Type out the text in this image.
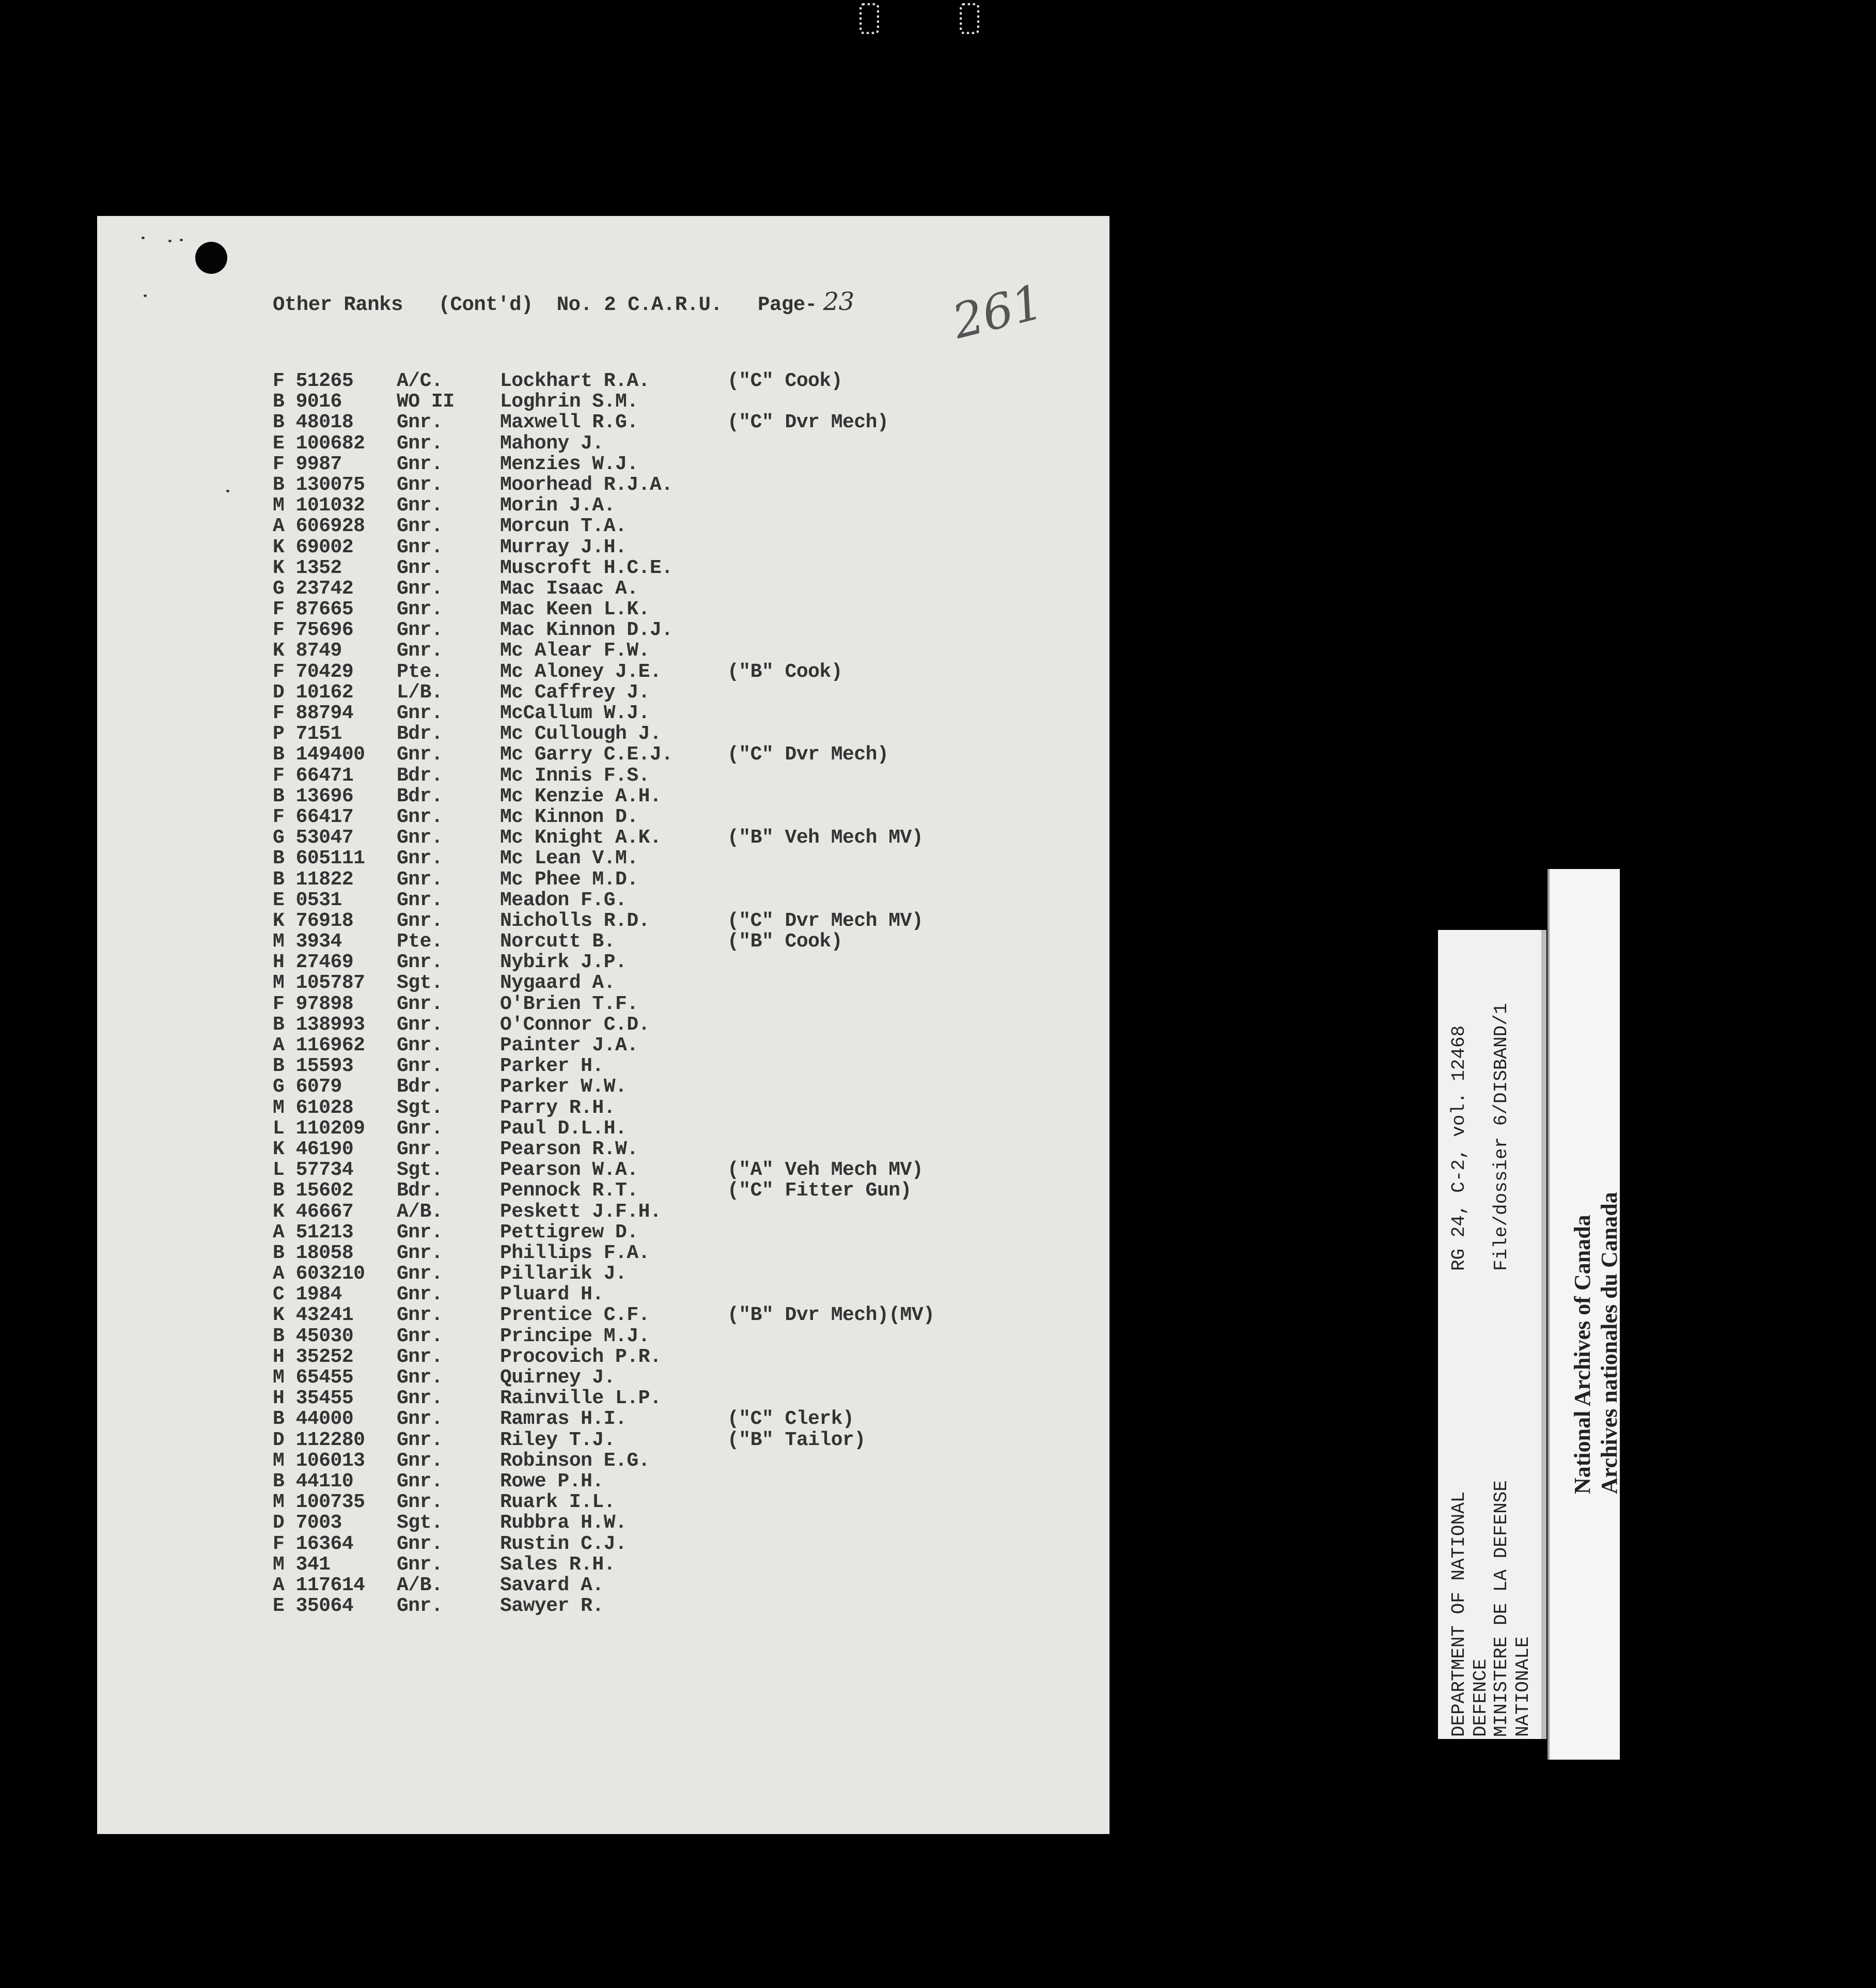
Other Ranks   (Cont'd)  No. 2 C.A.R.U.   Page- 23 261
F 51265 A/C.	Lockhart R.A.	("C" Cook)
B 9016	WO II Loghrin S.M.
B 48018 Gnr.	Maxwell R.G.	("C" Dvr Mech)
E 100682 Gnr.	Mahony J.
F 9987	Gnr.	Menzies W.J.
B 130075 Gnr.	Moorhead R.J.A.
M 101032 Gnr.	Morin J.A.
A 606928 Gnr.	Morcun T.A.
K 69002 Gnr.	Murray J.H.
K 1352	Gnr.	Muscroft H.C.E.
G 23742 Gnr.	Mac Isaac A.
F 87665 Gnr.	Mac Keen L.K.
F 75696 Gnr.	Mac Kinnon D.J.
K 8749	Gnr.	Mc Alear F.W.
F 70429 Pte.	Mc Aloney J.E.	("B" Cook)
D 10162 L/B.	Mc Caffrey J.
F 88794 Gnr.	McCallum W.J.
P 7151	Bdr.	Mc Cullough J.
B 149400 Gnr.	Mc Garry C.E.J.	("C" Dvr Mech)
F 66471 Bdr.	Mc Innis F.S.
B 13696 Bdr.	Mc Kenzie A.H.
F 66417 Gnr.	Mc Kinnon D.
G 53047 Gnr.	Mc Knight A.K.	("B" Veh Mech MV)
B 605111 Gnr.	Mc Lean V.M.
B 11822 Gnr.	Mc Phee M.D.
E 0531	Gnr.	Meadon F.G.
K 76918 Gnr.	Nicholls R.D.	("C" Dvr Mech MV)
M 3934	Pte.	Norcutt B.	("B" Cook)
H 27469 Gnr.	Nybirk J.P.
M 105787 Sgt.	Nygaard A.
F 97898 Gnr.	O'Brien T.F.
B 138993 Gnr.	O'Connor C.D.
A 116962 Gnr.	Painter J.A.
B 15593 Gnr.	Parker H.
G 6079	Bdr.	Parker W.W.
M 61028 Sgt.	Parry R.H.
L 110209 Gnr.	Paul D.L.H.
K 46190 Gnr.	Pearson R.W.
L 57734 Sgt.	Pearson W.A.	("A" Veh Mech MV)
B 15602 Bdr.	Pennock R.T.	("C" Fitter Gun)
K 46667 A/B.	Peskett J.F.H.
A 51213 Gnr.	Pettigrew D.
B 18058 Gnr.	Phillips F.A.
A 603210 Gnr.	Pillarik J.
C 1984	Gnr.	Pluard H.
K 43241 Gnr.	Prentice C.F.	("B" Dvr Mech)(MV)
B 45030 Gnr.	Principe M.J.
H 35252 Gnr.	Procovich P.R.
M 65455 Gnr.	Quirney J.
H 35455 Gnr.	Rainville L.P.
B 44000 Gnr.	Ramras H.I.	("C" Clerk)
D 112280 Gnr.	Riley T.J.	("B" Tailor)
M 106013 Gnr.	Robinson E.G.
B 44110 Gnr.	Rowe P.H.
M 100735 Gnr.	Ruark I.L.
D 7003	Sgt.	Rubbra H.W.
F 16364 Gnr.	Rustin C.J.
M 341	Gnr.	Sales R.H.
A 117614 A/B.	Savard A.
E 35064 Gnr.	Sawyer R.
DEPARTMENT OF NATIONAL
DEFENCE
RG 24, C-2, vol. 12468
MINISTERE DE LA DEFENSE
NATIONALE
File/dossier 6/DISBAND/1
National Archives of Canada
Archives nationales du Canada
